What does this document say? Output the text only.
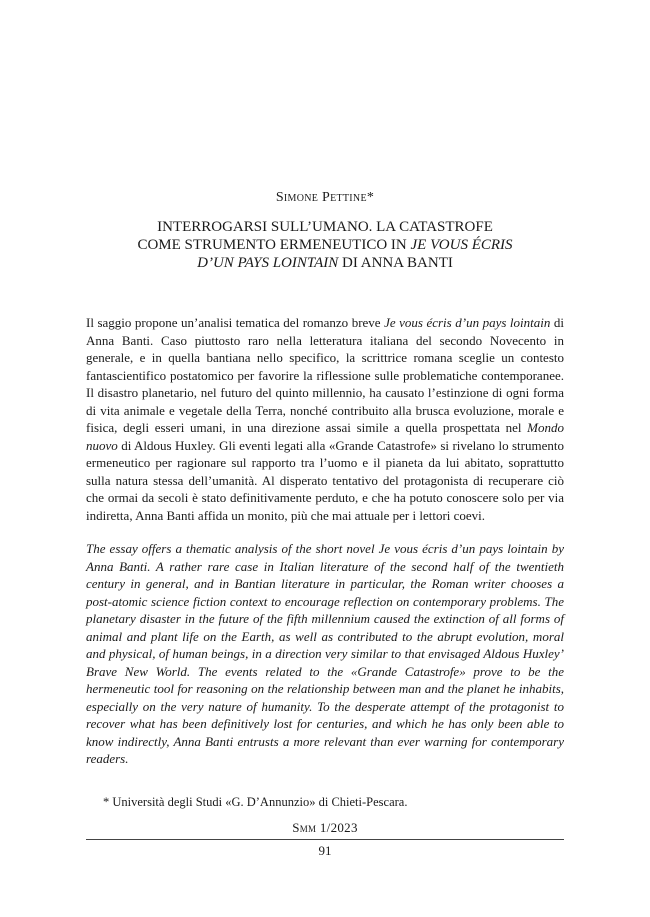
Simone Pettine*
INTERROGARSI SULL’UMANO. LA CATASTROFE
COME STRUMENTO ERMENEUTICO IN JE VOUS ÉCRIS
D’UN PAYS LOINTAIN DI ANNA BANTI
Il saggio propone un’analisi tematica del romanzo breve Je vous écris d’un pays lointain di Anna Banti. Caso piuttosto raro nella letteratura italiana del secondo Novecento in generale, e in quella bantiana nello specifico, la scrittrice romana sceglie un contesto fantascientifico postatomico per favorire la riflessione sulle problematiche contemporanee. Il disastro planetario, nel futuro del quinto millennio, ha causato l’estinzione di ogni forma di vita animale e vegetale della Terra, nonché contribuito alla brusca evoluzione, morale e fisica, degli esseri umani, in una direzione assai simile a quella prospettata nel Mondo nuovo di Aldous Huxley. Gli eventi legati alla «Grande Catastrofe» si rivelano lo strumento ermeneutico per ragionare sul rapporto tra l’uomo e il pianeta da lui abitato, soprattutto sulla natura stessa dell’umanità. Al disperato tentativo del protagonista di recuperare ciò che ormai da secoli è stato definitivamente perduto, e che ha potuto conoscere solo per via indiretta, Anna Banti affida un monito, più che mai attuale per i lettori coevi.
The essay offers a thematic analysis of the short novel Je vous écris d’un pays lointain by Anna Banti. A rather rare case in Italian literature of the second half of the twentieth century in general, and in Bantian literature in particular, the Roman writer chooses a post-atomic science fiction context to encourage reflection on contemporary problems. The planetary disaster in the future of the fifth millennium caused the extinction of all forms of animal and plant life on the Earth, as well as contributed to the abrupt evolution, moral and physical, of human beings, in a direction very similar to that envisaged Aldous Huxley’ Brave New World. The events related to the «Grande Catastrofe» prove to be the hermeneutic tool for reasoning on the relationship between man and the planet he inhabits, especially on the very nature of humanity. To the desperate attempt of the protagonist to recover what has been definitively lost for centuries, and which he has only been able to know indirectly, Anna Banti entrusts a more relevant than ever warning for contemporary readers.
* Università degli Studi «G. D’Annunzio» di Chieti-Pescara.
Smm 1/2023
91
